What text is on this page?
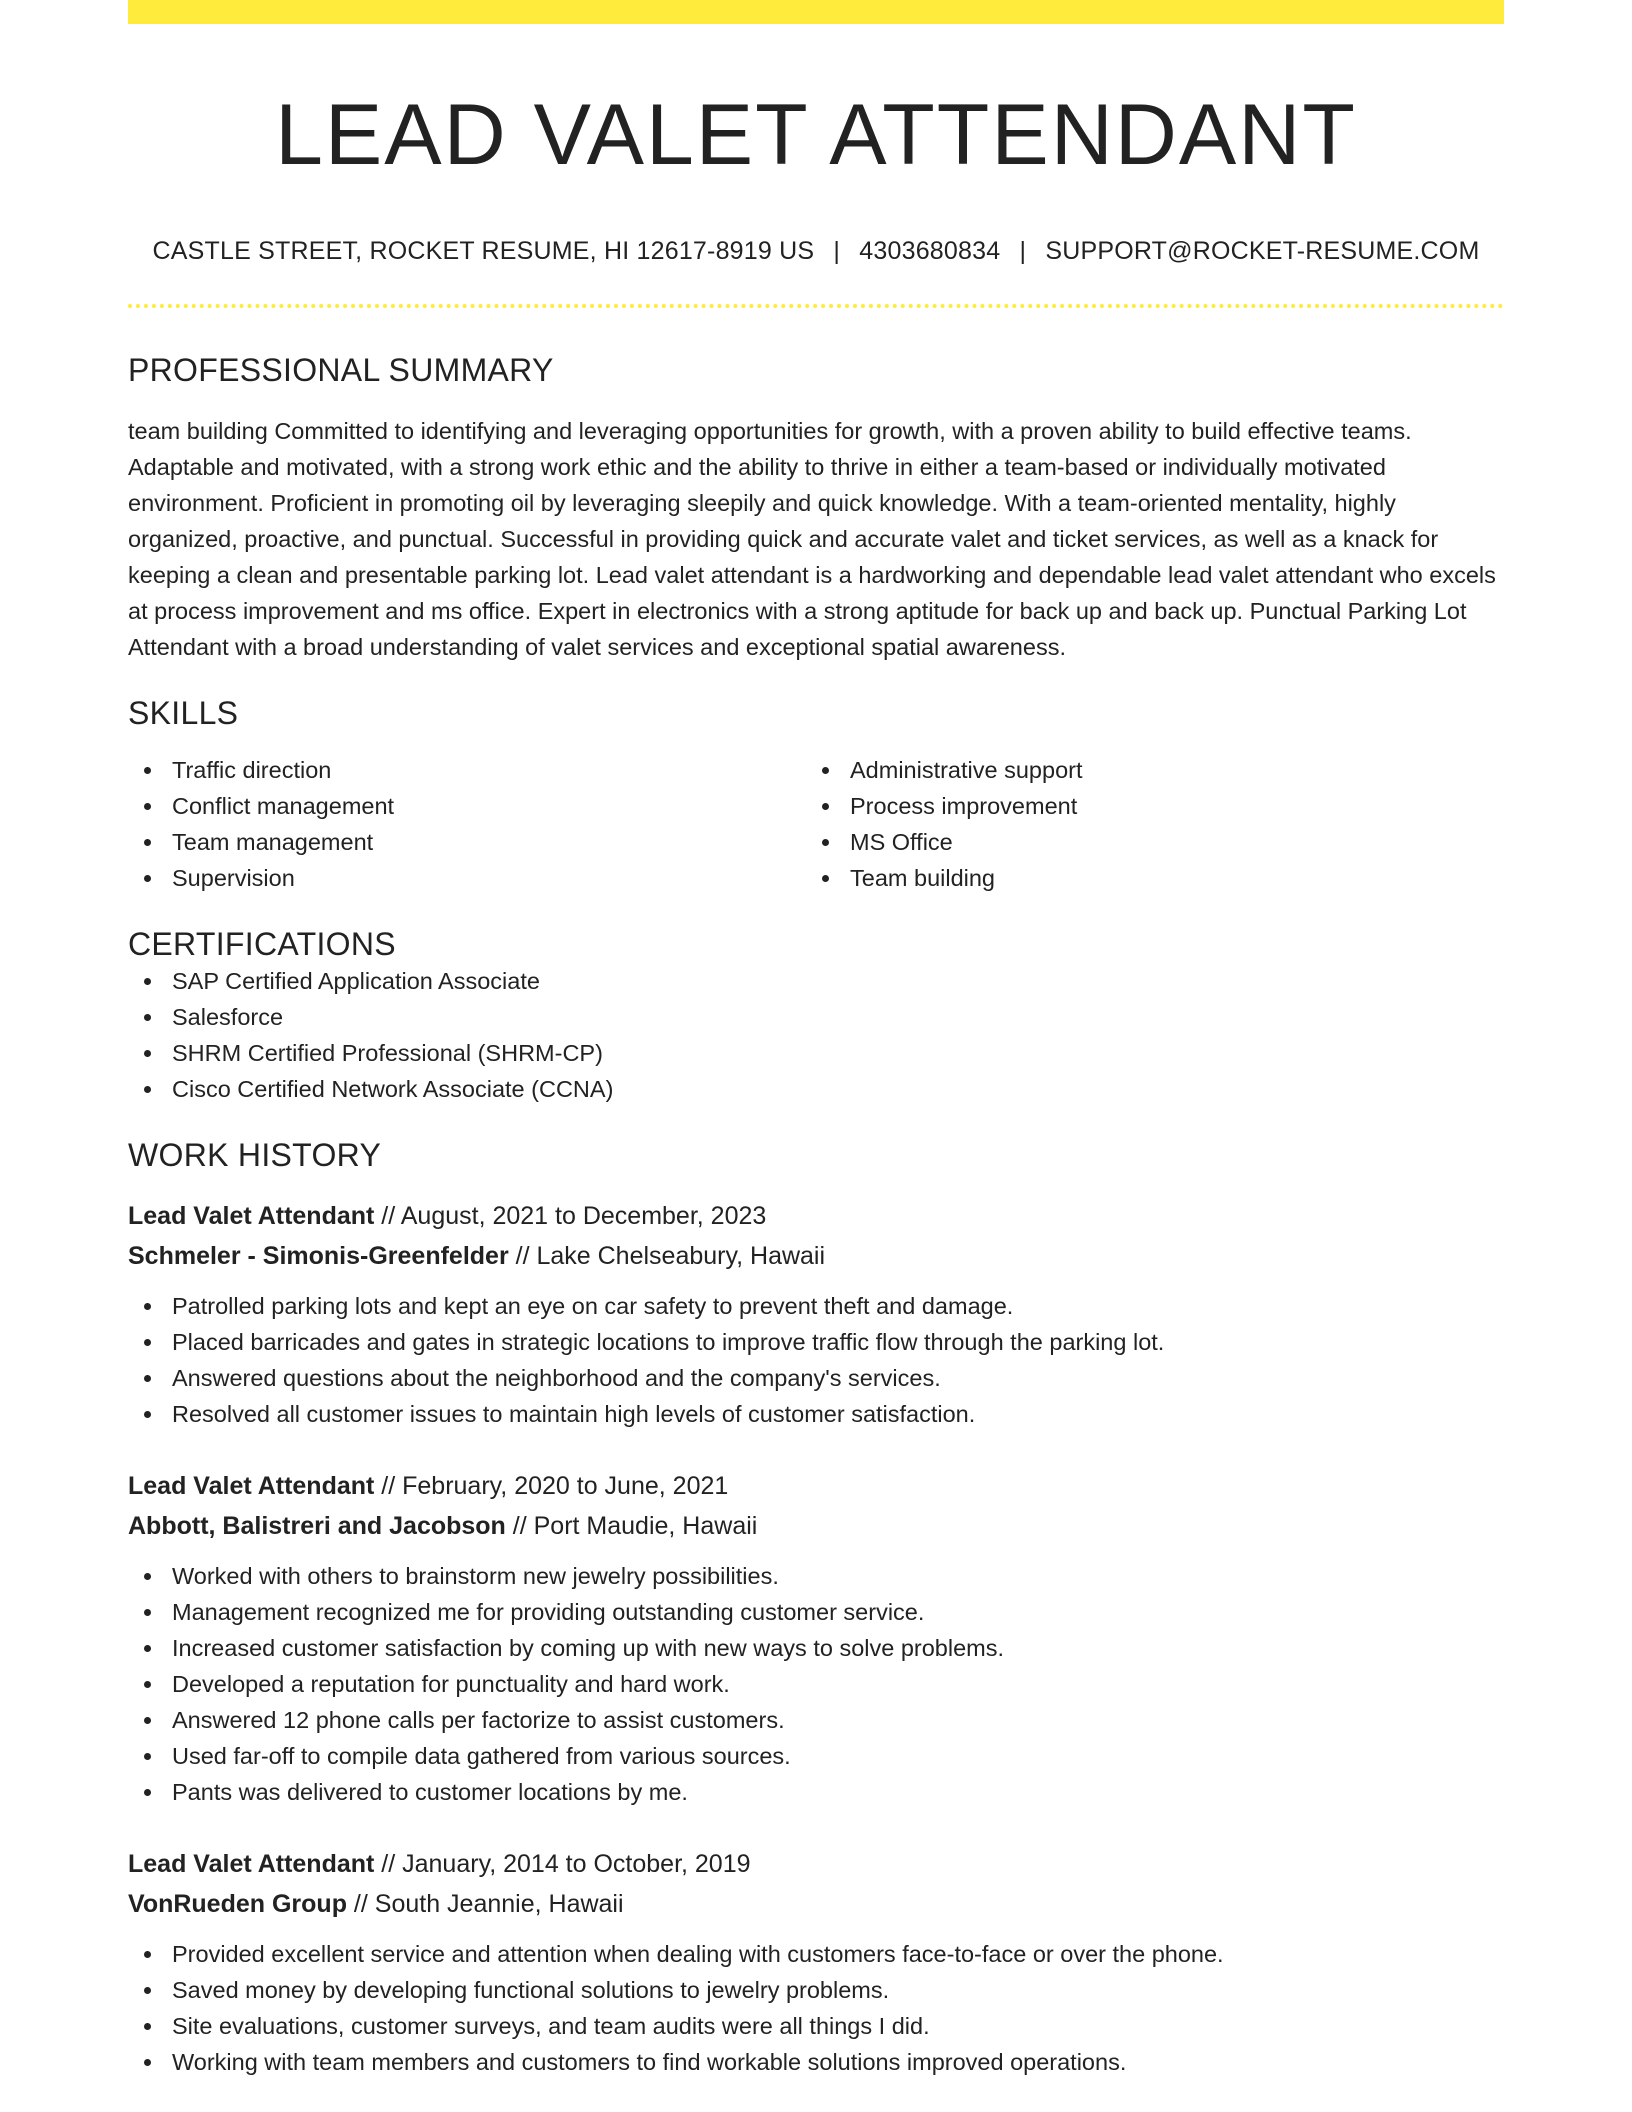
LEAD VALET ATTENDANT
CASTLE STREET, ROCKET RESUME, HI 12617-8919 US | 4303680834 | SUPPORT@ROCKET-RESUME.COM
PROFESSIONAL SUMMARY

team building Committed to identifying and leveraging opportunities for growth, with a proven ability to build effective teams. Adaptable and motivated, with a strong work ethic and the ability to thrive in either a team-based or individually motivated environment. Proficient in promoting oil by leveraging sleepily and quick knowledge. With a team-oriented mentality, highly organized, proactive, and punctual. Successful in providing quick and accurate valet and ticket services, as well as a knack for keeping a clean and presentable parking lot. Lead valet attendant is a hardworking and dependable lead valet attendant who excels at process improvement and ms office. Expert in electronics with a strong aptitude for back up and back up. Punctual Parking Lot Attendant with a broad understanding of valet services and exceptional spatial awareness.

SKILLS
Traffic direction
Conflict management
Team management
Supervision
Administrative support
Process improvement
MS Office
Team building
CERTIFICATIONS
SAP Certified Application Associate
Salesforce
SHRM Certified Professional (SHRM-CP)
Cisco Certified Network Associate (CCNA)
WORK HISTORY
Lead Valet Attendant // August, 2021 to December, 2023
Schmeler - Simonis-Greenfelder // Lake Chelseabury, Hawaii
Patrolled parking lots and kept an eye on car safety to prevent theft and damage.
Placed barricades and gates in strategic locations to improve traffic flow through the parking lot.
Answered questions about the neighborhood and the company's services.
Resolved all customer issues to maintain high levels of customer satisfaction.
Lead Valet Attendant // February, 2020 to June, 2021
Abbott, Balistreri and Jacobson // Port Maudie, Hawaii
Worked with others to brainstorm new jewelry possibilities.
Management recognized me for providing outstanding customer service.
Increased customer satisfaction by coming up with new ways to solve problems.
Developed a reputation for punctuality and hard work.
Answered 12 phone calls per factorize to assist customers.
Used far-off to compile data gathered from various sources.
Pants was delivered to customer locations by me.
Lead Valet Attendant // January, 2014 to October, 2019
VonRueden Group // South Jeannie, Hawaii
Provided excellent service and attention when dealing with customers face-to-face or over the phone.
Saved money by developing functional solutions to jewelry problems.
Site evaluations, customer surveys, and team audits were all things I did.
Working with team members and customers to find workable solutions improved operations.
